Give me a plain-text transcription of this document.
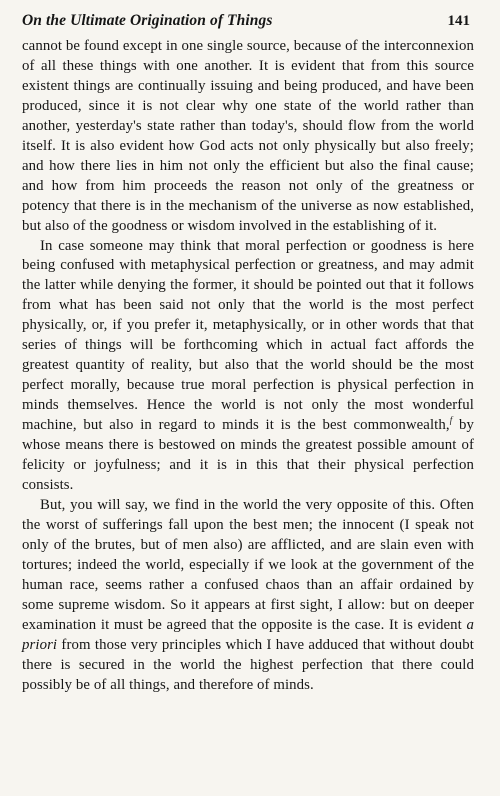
On the Ultimate Origination of Things	141

cannot be found except in one single source, because of the interconnexion of all these things with one another. It is evident that from this source existent things are continually issuing and being produced, and have been produced, since it is not clear why one state of the world rather than another, yesterday's state rather than today's, should flow from the world itself. It is also evident how God acts not only physically but also freely; and how there lies in him not only the efficient but also the final cause; and how from him proceeds the reason not only of the greatness or potency that there is in the mechanism of the universe as now established, but also of the goodness or wisdom involved in the establishing of it.

In case someone may think that moral perfection or goodness is here being confused with metaphysical perfection or greatness, and may admit the latter while denying the former, it should be pointed out that it follows from what has been said not only that the world is the most perfect physically, or, if you prefer it, metaphysically, or in other words that that series of things will be forthcoming which in actual fact affords the greatest quantity of reality, but also that the world should be the most perfect morally, because true moral perfection is physical perfection in minds themselves. Hence the world is not only the most wonderful machine, but also in regard to minds it is the best commonwealth,$^f$ by whose means there is bestowed on minds the greatest possible amount of felicity or joyfulness; and it is in this that their physical perfection consists.

But, you will say, we find in the world the very opposite of this. Often the worst of sufferings fall upon the best men; the innocent (I speak not only of the brutes, but of men also) are afflicted, and are slain even with tortures; indeed the world, especially if we look at the government of the human race, seems rather a confused chaos than an affair ordained by some supreme wisdom. So it appears at first sight, I allow: but on deeper examination it must be agreed that the opposite is the case. It is evident a priori from those very principles which I have adduced that without doubt there is secured in the world the highest perfection that there could possibly be of all things, and therefore of minds.
